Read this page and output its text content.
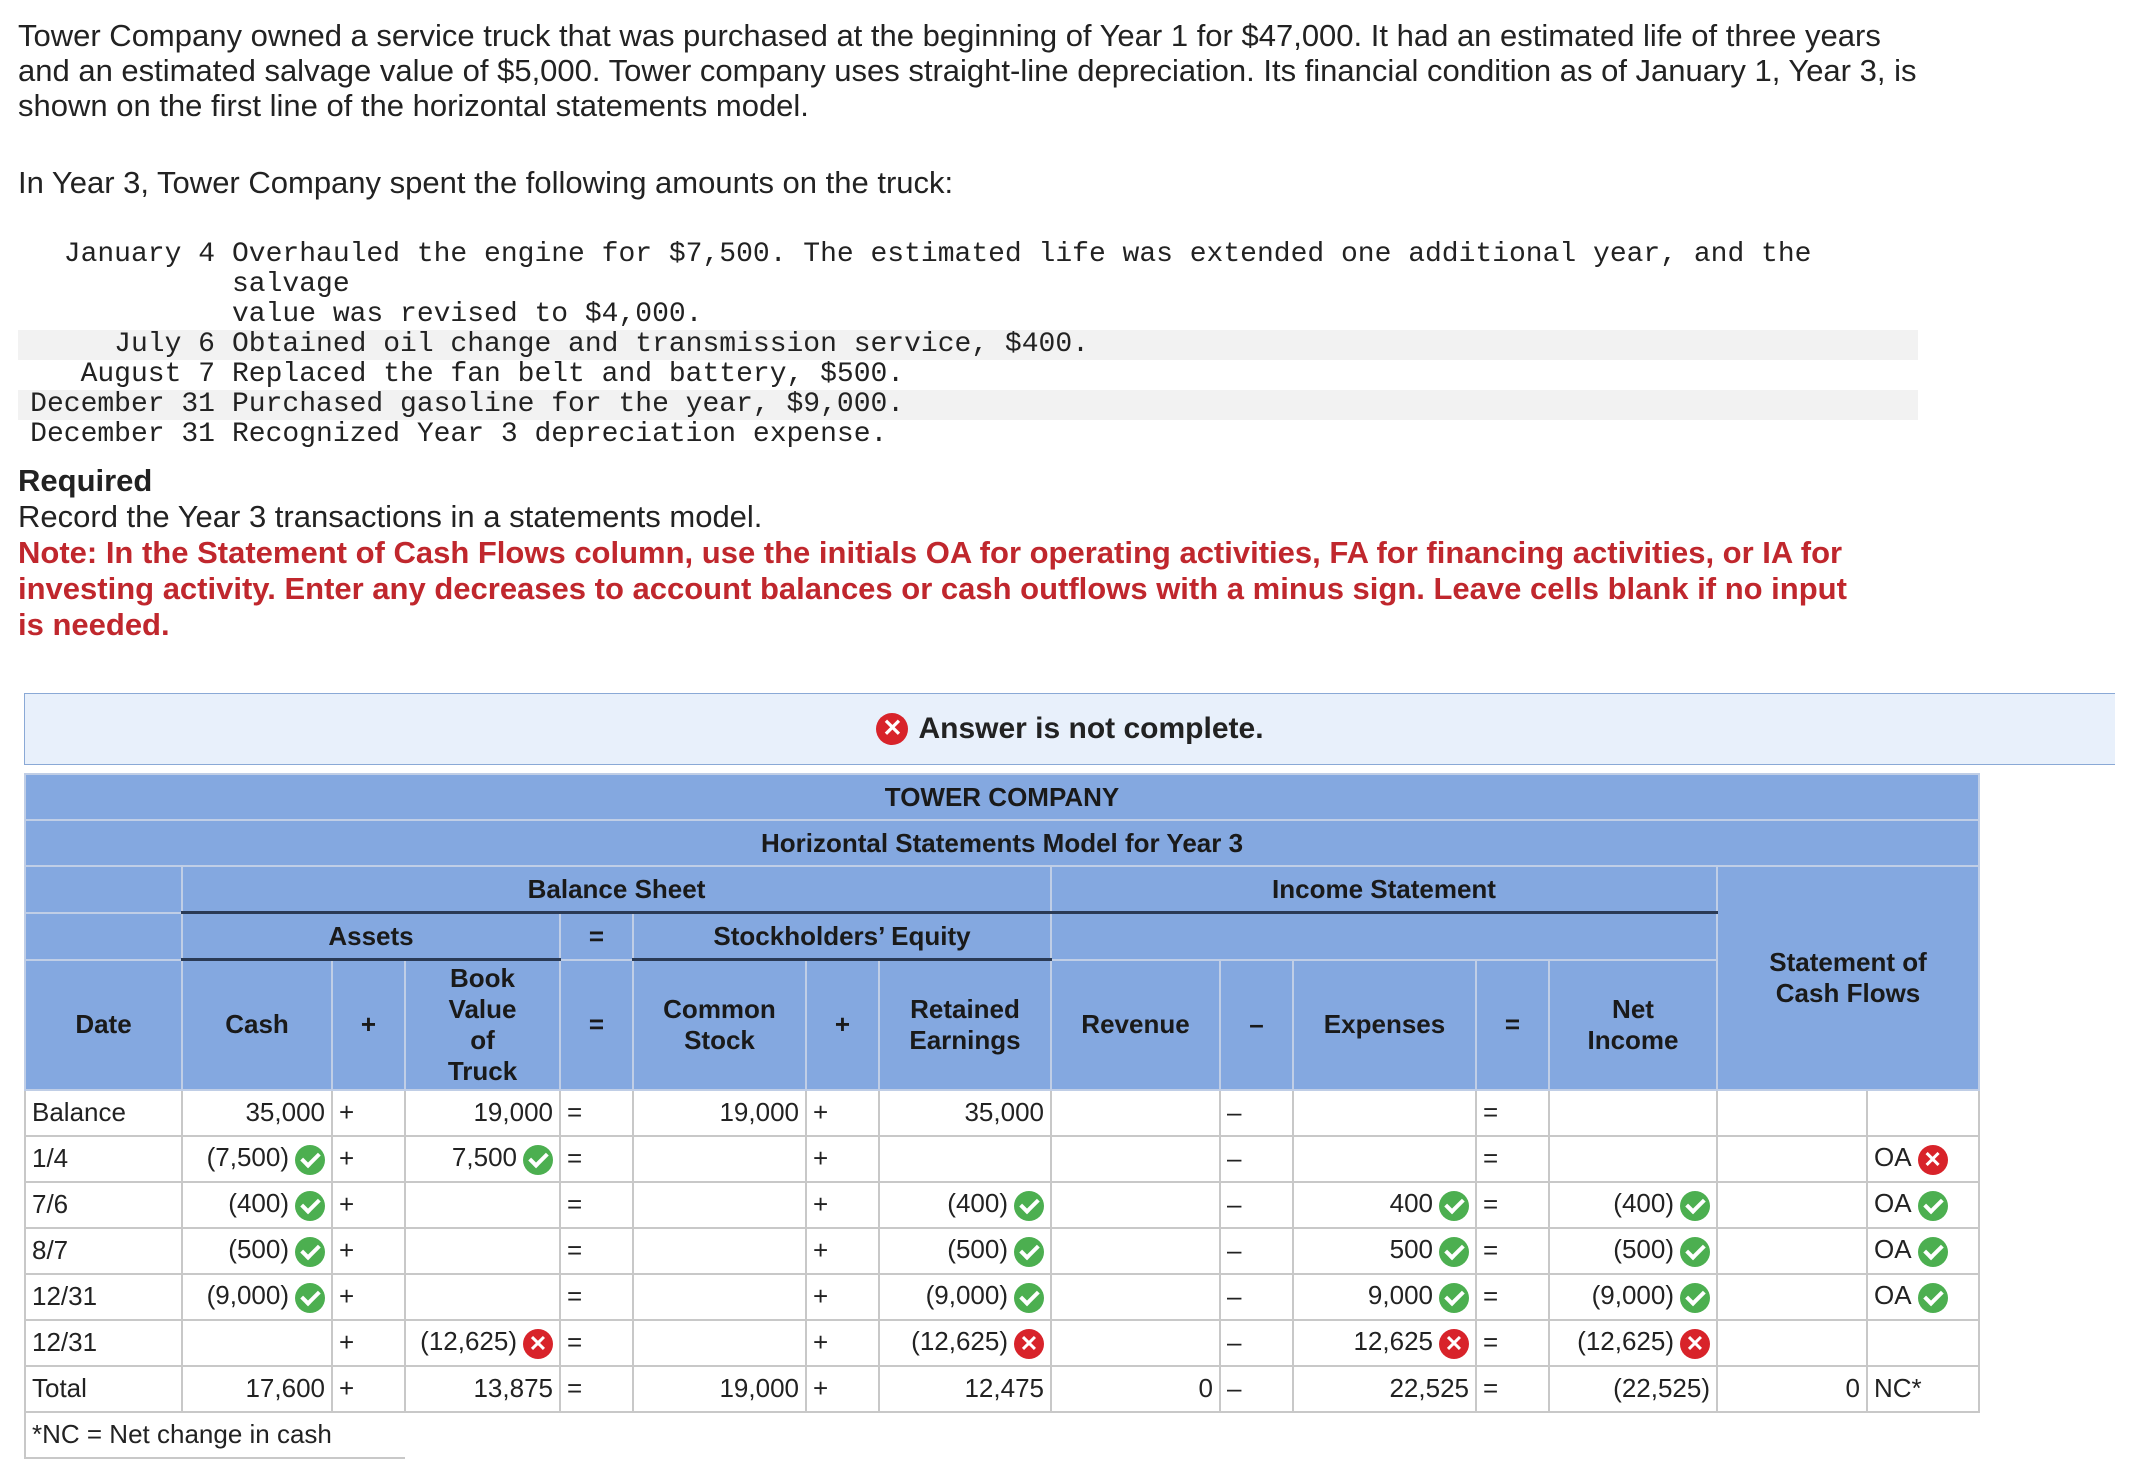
Tower Company owned a service truck that was purchased at the beginning of Year 1 for $47,000. It had an estimated life of three years and an estimated salvage value of $5,000. Tower company uses straight-line depreciation. Its financial condition as of January 1, Year 3, is shown on the first line of the horizontal statements model.

In Year 3, Tower Company spent the following amounts on the truck:
January 4 Overhauled the engine for $7,500. The estimated life was extended one additional year, and the salvage
value was revised to $4,000.
July 6 Obtained oil change and transmission service, $400.
August 7 Replaced the fan belt and battery, $500.
December 31 Purchased gasoline for the year, $9,000.
December 31 Recognized Year 3 depreciation expense.
Required
Record the Year 3 transactions in a statements model.
Note: In the Statement of Cash Flows column, use the initials OA for operating activities, FA for financing activities, or IA for investing activity. Enter any decreases to account balances or cash outflows with a minus sign. Leave cells blank if no input is needed.
✕ Answer is not complete.
TOWER COMPANY														
Horizontal Statements Model for Year 3														
	Balance Sheet							Income Statement					Statement of
Cash Flows	
	Assets			=	Stockholders’ Equity									
Date	Cash	+	Book
Value
of
Truck	=	Common
Stock	+	Retained
Earnings	Revenue	–	Expenses	=	Net
Income		
Balance	35,000	+	19,000	=	19,000	+	35,000		–		=			
1/4	(7,500)	+	7,500	=		+			–		=			OA ✕
7/6	(400)	+		=		+	(400)		–	400	=	(400)		OA
8/7	(500)	+		=		+	(500)		–	500	=	(500)		OA
12/31	(9,000)	+		=		+	(9,000)		–	9,000	=	(9,000)		OA
12/31		+	(12,625) ✕	=		+	(12,625) ✕		–	12,625 ✕	=	(12,625) ✕		
Total	17,600	+	13,875	=	19,000	+	12,475	0	–	22,525	=	(22,525)	0	NC*
*NC = Net change in cash														
